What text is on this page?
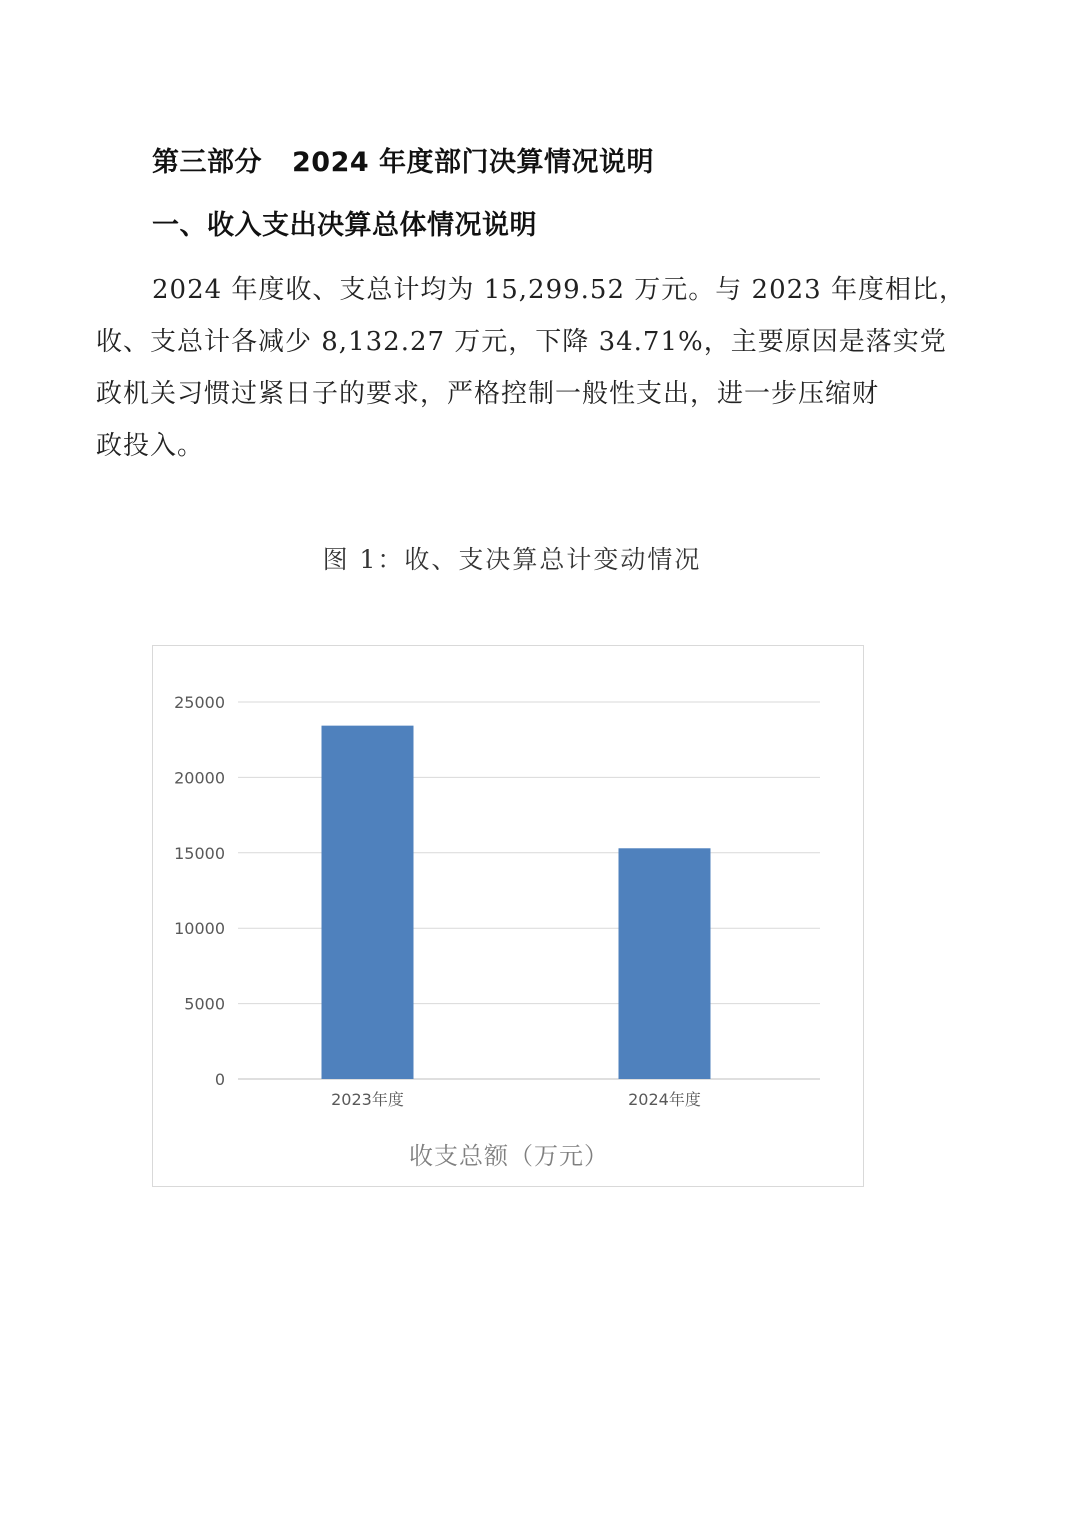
第三部分 2024 年度部门决算情况说明
一、收入支出决算总体情况说明
2024 年度收、支总计均为 15,299.52 万元。与 2023 年度相比，
收、支总计各减少 8,132.27 万元，下降 34.71%，主要原因是落实党
政机关习惯过紧日子的要求，严格控制一般性支出，进一步压缩财
政投入。
图 1：收、支决算总计变动情况
0
5000
10000
15000
20000
25000
2023年度	2024年度
收支总额（万元）
